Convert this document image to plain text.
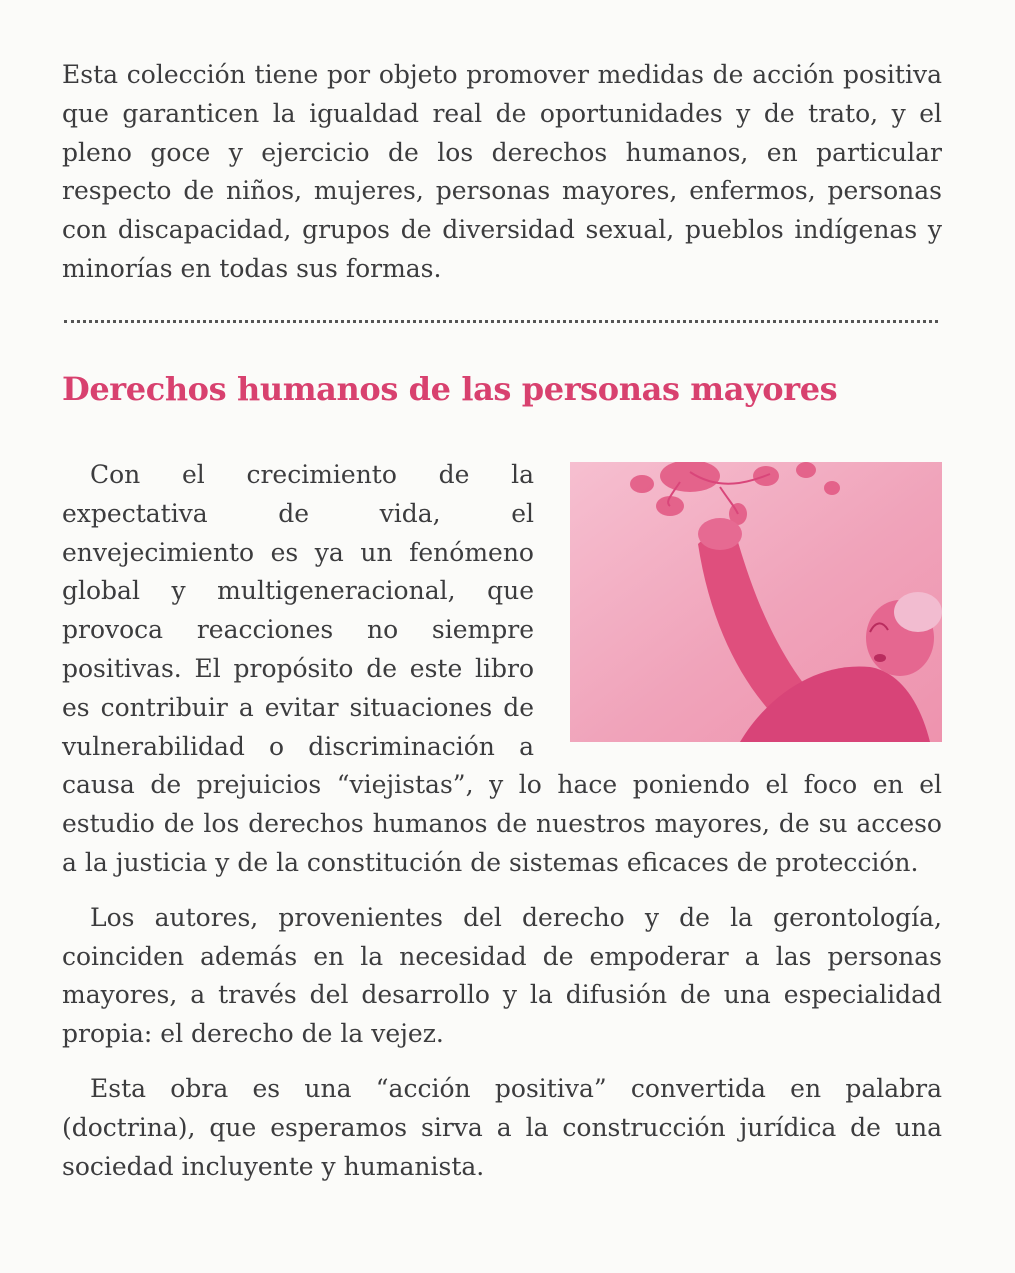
Esta colección tiene por objeto promover medidas de acción positiva que garanticen la igualdad real de oportunidades y de trato, y el pleno goce y ejercicio de los derechos humanos, en particular respecto de niños, mujeres, personas mayores, enfermos, personas con discapacidad, grupos de diversidad sexual, pueblos indígenas y minorías en todas sus formas.

Derechos humanos de las personas mayores

Con el crecimiento de la expectativa de vida, el envejecimiento es ya un fenómeno global y multigeneracional, que provoca reacciones no siempre positivas. El propósito de este libro es contribuir a evitar situaciones de vulnerabilidad o discriminación a causa de prejuicios “viejistas”, y lo hace poniendo el foco en el estudio de los derechos humanos de nuestros mayores, de su acceso a la justicia y de la constitución de sistemas eficaces de protección.

Los autores, provenientes del derecho y de la gerontología, coinciden además en la necesidad de empoderar a las personas mayores, a través del desarrollo y la difusión de una especialidad propia: el derecho de la vejez.

Esta obra es una “acción positiva” convertida en palabra (doctrina), que esperamos sirva a la construcción jurídica de una sociedad incluyente y humanista.
